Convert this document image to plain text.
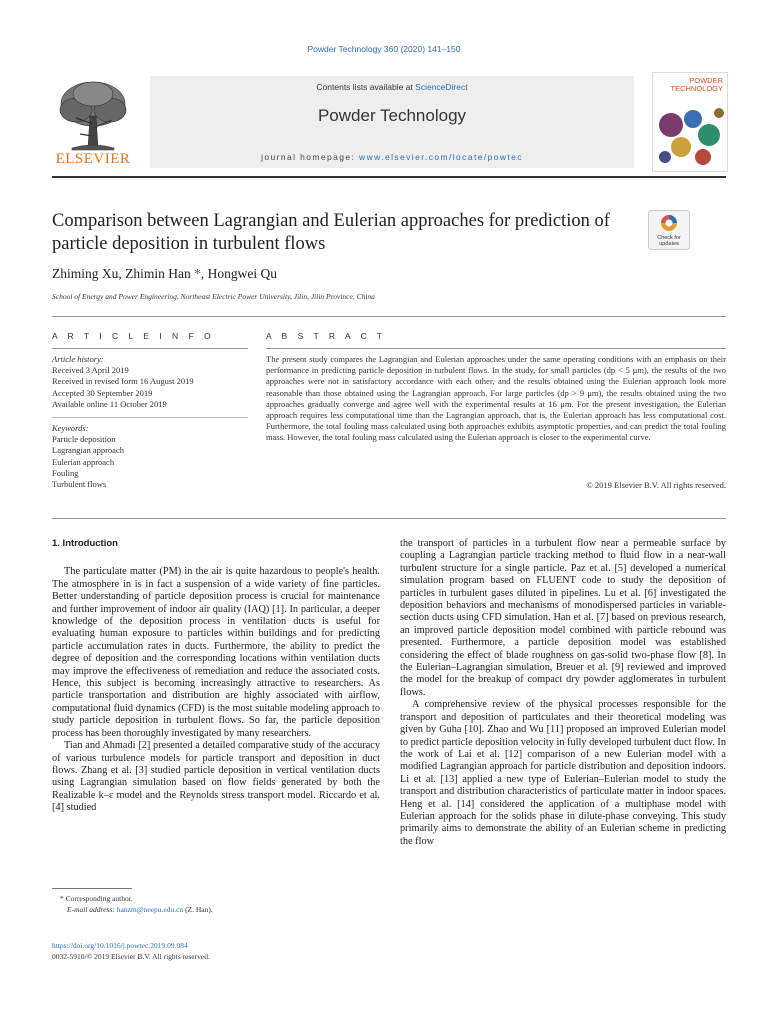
Powder Technology 360 (2020) 141–150
ELSEVIER
Contents lists available at ScienceDirect
Powder Technology
journal homepage: www.elsevier.com/locate/powtec
POWDER
TECHNOLOGY
Comparison between Lagrangian and Eulerian approaches for prediction of particle deposition in turbulent flows	Check for
updates
Zhiming Xu, Zhimin Han *, Hongwei Qu
School of Energy and Power Engineering, Northeast Electric Power University, Jilin, Jilin Province, China
A R T I C L E I N F O	A B S T R A C T
Article history:
Received 3 April 2019
Received in revised form 16 August 2019
Accepted 30 September 2019
Available online 11 October 2019
Keywords:
Particle deposition
Lagrangian approach
Eulerian approach
Fouling
Turbulent flows
The present study compares the Lagrangian and Eulerian approaches under the same operating conditions with an emphasis on their performance in predicting particle deposition in turbulent flows. In the study, for small particles (dp < 5 μm), the results of the two approaches were not in satisfactory accordance with each other, and the results obtained using the Eulerian approach look more reasonable than those obtained using the Lagrangian approach. For large particles (dp > 9 μm), the results obtained using the two approaches gradually converge and agree well with the experimental results at 16 μm. For the present investigation, the Eulerian approach requires less computational time than the Lagrangian approach, that is, the Eulerian approach has less computational cost. Furthermore, the total fouling mass calculated using both approaches exhibits asymptotic properties, and can predict the total fouling mass. However, the total fouling mass calculated using the Eulerian approach is closer to the experimental curve.
© 2019 Elsevier B.V. All rights reserved.
1. Introduction

The particulate matter (PM) in the air is quite hazardous to people's health. The atmosphere in is in fact a suspension of a wide variety of fine particles. Better understanding of particle deposition process is crucial for maintenance and further improvement of indoor air quality (IAQ) [1]. In particular, a deeper knowledge of the deposition process in ventilation ducts is useful for evaluating human exposure to particles within buildings and for predicting particle accumulation rates in ducts. Furthermore, the ability to predict the degree of deposition and the corresponding locations within ventilation ducts may improve the effectiveness of remediation and reduce the associated costs. Hence, this subject is becoming increasingly attractive to researchers. As particle transportation and distribution are highly associated with airflow, computational fluid dynamics (CFD) is the most suitable modeling approach to study particle deposition in turbulent flows. So far, the particle deposition process has been thoroughly investigated by many researchers.

Tian and Ahmadi [2] presented a detailed comparative study of the accuracy of various turbulence models for particle transport and deposition in duct flows. Zhang et al. [3] studied particle deposition in vertical ventilation ducts using Lagrangian simulation based on flow fields generated by both the Realizable k–ε model and the Reynolds stress transport model. Riccardo et al. [4] studied

the transport of particles in a turbulent flow near a permeable surface by coupling a Lagrangian particle tracking method to fluid flow in a near-wall turbulent structure for a single particle. Paz et al. [5] developed a numerical simulation program based on FLUENT code to study the deposition of particles in turbulent gases diluted in pipelines. Lu et al. [6] investigated the deposition behaviors and mechanisms of monodispersed particles in variable-section ducts using CFD simulation. Han et al. [7] based on previous research, an improved particle deposition model combined with particle rebound was presented. Furthermore, a particle deposition model was established considering the effect of blade roughness on gas-solid two-phase flow [8]. In the Eulerian–Lagrangian simulation, Breuer et al. [9] reviewed and improved the model for the breakup of compact dry powder agglomerates in turbulent flows.

A comprehensive review of the physical processes responsible for the transport and deposition of particulates and their theoretical modeling was given by Guha [10]. Zhao and Wu [11] proposed an improved Eulerian model to predict particle deposition velocity in fully developed turbulent duct flow. In the work of Lai et al. [12] comparison of a new Eulerian model with a modified Lagrangian approach for particle distribution and deposition indoors. Li et al. [13] applied a new type of Eulerian–Eulerian model to study the transport and distribution characteristics of particulate matter in indoor spaces. Heng et al. [14] considered the application of a multiphase model with Eulerian approach for the solids phase in dilute-phase conveying. This study primarily aims to demonstrate the ability of an Eulerian scheme in predicting the flow

* Corresponding author.
E-mail address: hanzm@neepu.edu.cn (Z. Han).
https://doi.org/10.1016/j.powtec.2019.09.084
0032-5910/© 2019 Elsevier B.V. All rights reserved.
